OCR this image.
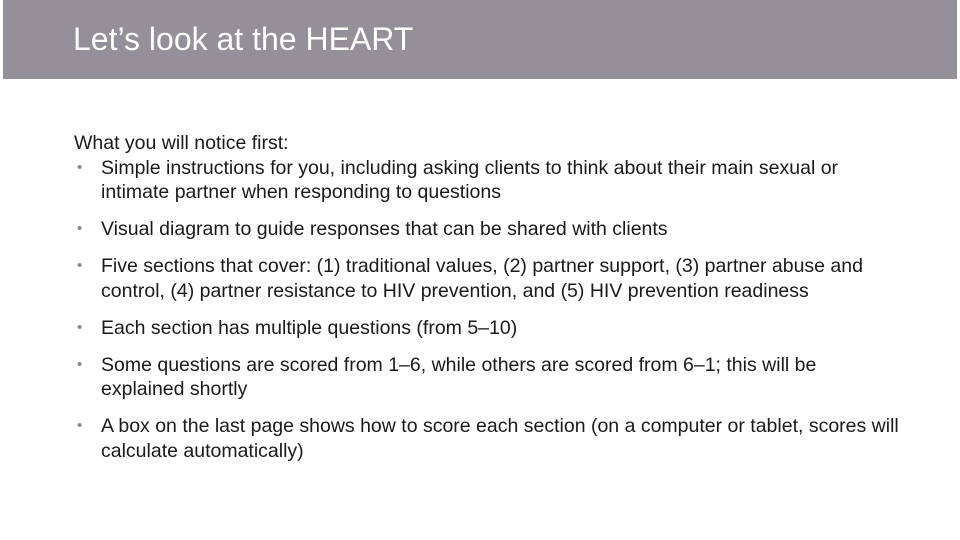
Let’s look at the HEART

What you will notice first:

• Simple instructions for you, including asking clients to think about their main sexual or intimate partner when responding to questions
• Visual diagram to guide responses that can be shared with clients
• Five sections that cover: (1) traditional values, (2) partner support, (3) partner abuse and control, (4) partner resistance to HIV prevention, and (5) HIV prevention readiness
• Each section has multiple questions (from 5–10)
• Some questions are scored from 1–6, while others are scored from 6–1; this will be explained shortly
• A box on the last page shows how to score each section (on a computer or tablet, scores will calculate automatically)
